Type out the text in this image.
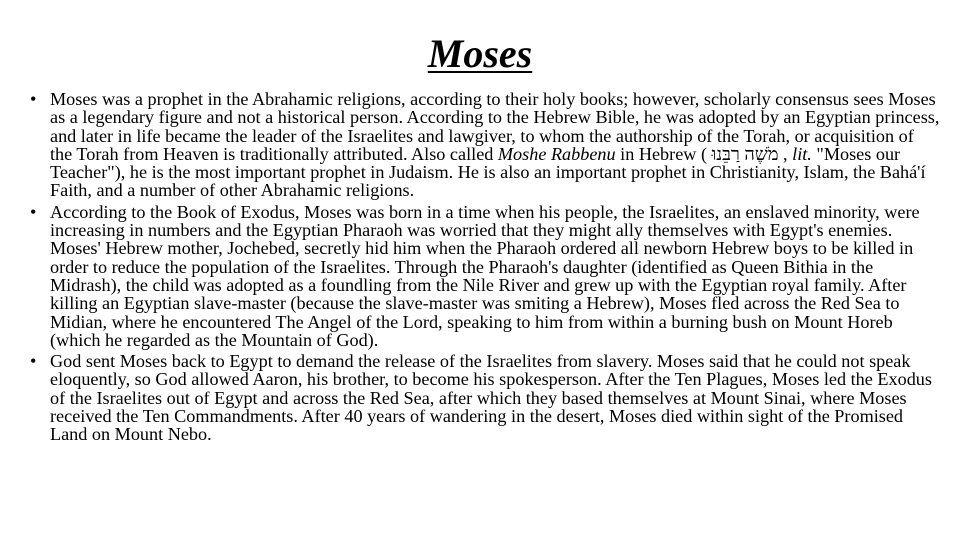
Moses
• Moses was a prophet in the Abrahamic religions, according to their holy books; however, scholarly consensus sees Moses as a legendary figure and not a historical person. According to the Hebrew Bible, he was adopted by an Egyptian princess, and later in life became the leader of the Israelites and lawgiver, to whom the authorship of the Torah, or acquisition of the Torah from Heaven is traditionally attributed. Also called Moshe Rabbenu in Hebrew ( מֹשֶׁה רַבֵּנוּ , lit. "Moses our Teacher"), he is the most important prophet in Judaism. He is also an important prophet in Christianity, Islam, the Bahá'í Faith, and a number of other Abrahamic religions.
• According to the Book of Exodus, Moses was born in a time when his people, the Israelites, an enslaved minority, were increasing in numbers and the Egyptian Pharaoh was worried that they might ally themselves with Egypt's enemies. Moses' Hebrew mother, Jochebed, secretly hid him when the Pharaoh ordered all newborn Hebrew boys to be killed in order to reduce the population of the Israelites. Through the Pharaoh's daughter (identified as Queen Bithia in the Midrash), the child was adopted as a foundling from the Nile River and grew up with the Egyptian royal family. After killing an Egyptian slave-master (because the slave-master was smiting a Hebrew), Moses fled across the Red Sea to Midian, where he encountered The Angel of the Lord, speaking to him from within a burning bush on Mount Horeb (which he regarded as the Mountain of God).
• God sent Moses back to Egypt to demand the release of the Israelites from slavery. Moses said that he could not speak eloquently, so God allowed Aaron, his brother, to become his spokesperson. After the Ten Plagues, Moses led the Exodus of the Israelites out of Egypt and across the Red Sea, after which they based themselves at Mount Sinai, where Moses received the Ten Commandments. After 40 years of wandering in the desert, Moses died within sight of the Promised Land on Mount Nebo.
